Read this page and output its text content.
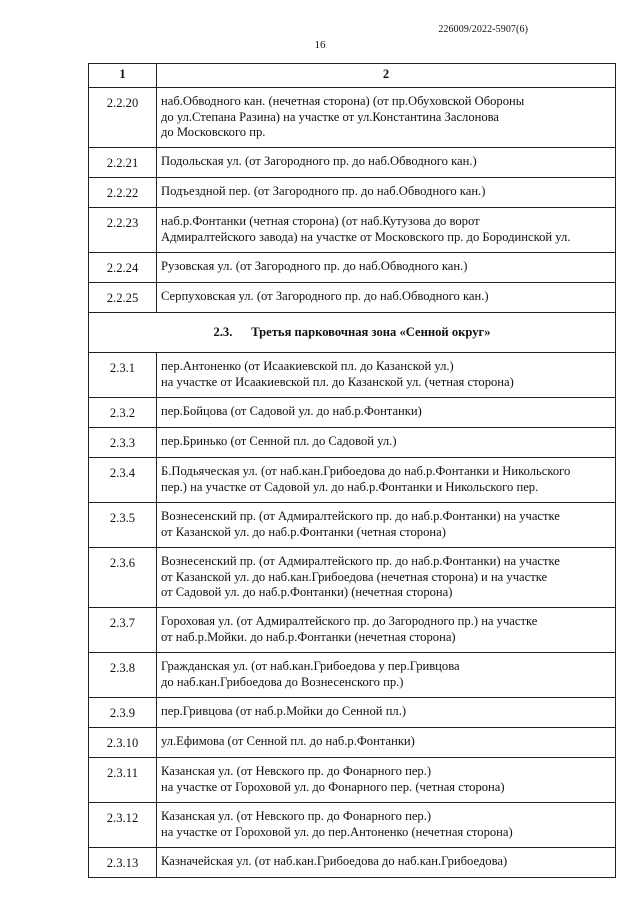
226009/2022-5907(6)
16
1	2
2.2.20	наб.Обводного кан. (нечетная сторона) (от пр.Обуховской Обороны
до ул.Степана Разина) на участке от ул.Константина Заслонова
до Московского пр.

2.2.21	Подольская ул. (от Загородного пр. до наб.Обводного кан.)

2.2.22	Подъездной пер. (от Загородного пр. до наб.Обводного кан.)

2.2.23	наб.р.Фонтанки (четная сторона) (от наб.Кутузова до ворот
Адмиралтейского завода) на участке от Московского пр. до Бородинской ул.

2.2.24	Рузовская ул. (от Загородного пр. до наб.Обводного кан.)

2.2.25	Серпуховская ул. (от Загородного пр. до наб.Обводного кан.)

2.3.      Третья парковочная зона «Сенной округ»	
2.3.1	пер.Антоненко (от Исаакиевской пл. до Казанской ул.)
на участке от Исаакиевской пл. до Казанской ул. (четная сторона)

2.3.2	пер.Бойцова (от Садовой ул. до наб.р.Фонтанки)

2.3.3	пер.Бринько (от Сенной пл. до Садовой ул.)

2.3.4	Б.Подьяческая ул. (от наб.кан.Грибоедова до наб.р.Фонтанки и Никольского
пер.) на участке от Садовой ул. до наб.р.Фонтанки и Никольского пер.

2.3.5	Вознесенский пр. (от Адмиралтейского пр. до наб.р.Фонтанки) на участке
от Казанской ул. до наб.р.Фонтанки (четная сторона)

2.3.6	Вознесенский пр. (от Адмиралтейского пр. до наб.р.Фонтанки) на участке
от Казанской ул. до наб.кан.Грибоедова (нечетная сторона) и на участке
от Садовой ул. до наб.р.Фонтанки) (нечетная сторона)

2.3.7	Гороховая ул. (от Адмиралтейского пр. до Загородного пр.) на участке
от наб.р.Мойки. до наб.р.Фонтанки (нечетная сторона)

2.3.8	Гражданская ул. (от наб.кан.Грибоедова у пер.Гривцова
до наб.кан.Грибоедова до Вознесенского пр.)

2.3.9	пер.Гривцова (от наб.р.Мойки до Сенной пл.)

2.3.10	ул.Ефимова (от Сенной пл. до наб.р.Фонтанки)

2.3.11	Казанская ул. (от Невского пр. до Фонарного пер.)
на участке от Гороховой ул. до Фонарного пер. (четная сторона)

2.3.12	Казанская ул. (от Невского пр. до Фонарного пер.)
на участке от Гороховой ул. до пер.Антоненко (нечетная сторона)

2.3.13	Казначейская ул. (от наб.кан.Грибоедова до наб.кан.Грибоедова)
